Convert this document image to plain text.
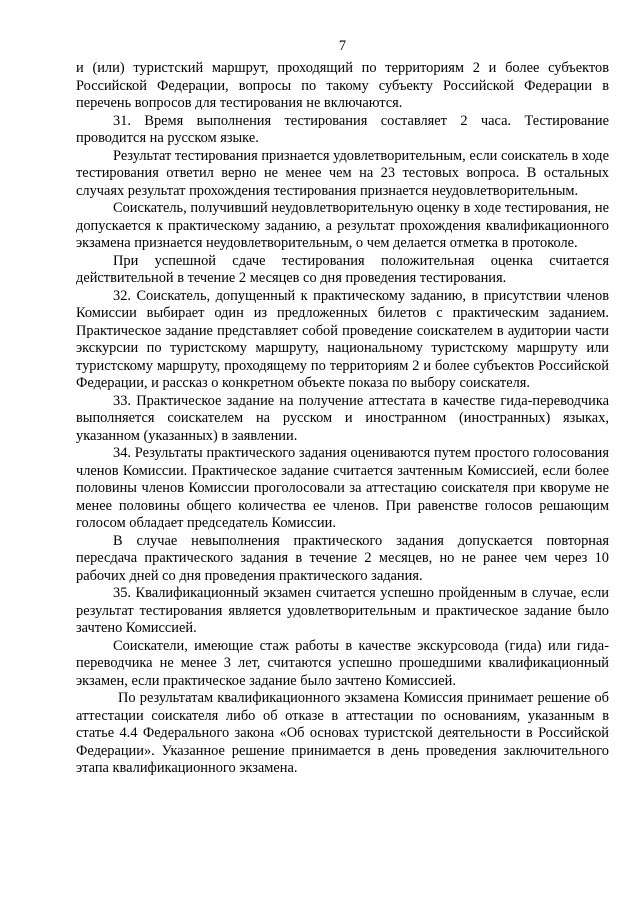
7

и (или) туристский маршрут, проходящий по территориям 2 и более субъектов Российской Федерации, вопросы по такому субъекту Российской Федерации в перечень вопросов для тестирования не включаются.

31. Время выполнения тестирования составляет 2 часа. Тестирование проводится на русском языке.

Результат тестирования признается удовлетворительным, если соискатель в ходе тестирования ответил верно не менее чем на 23 тестовых вопроса. В остальных случаях результат прохождения тестирования признается неудовлетворительным.

Соискатель, получивший неудовлетворительную оценку в ходе тестирования, не допускается к практическому заданию, а результат прохождения квалификационного экзамена признается неудовлетворительным, о чем делается отметка в протоколе.

При успешной сдаче тестирования положительная оценка считается действительной в течение 2 месяцев со дня проведения тестирования.

32. Соискатель, допущенный к практическому заданию, в присутствии членов Комиссии выбирает один из предложенных билетов с практическим заданием. Практическое задание представляет собой проведение соискателем в аудитории части экскурсии по туристскому маршруту, национальному туристскому маршруту или туристскому маршруту, проходящему по территориям 2 и более субъектов Российской Федерации, и рассказ о конкретном объекте показа по выбору соискателя.

33. Практическое задание на получение аттестата в качестве гида-переводчика выполняется соискателем на русском и иностранном (иностранных) языках, указанном (указанных) в заявлении.

34. Результаты практического задания оцениваются путем простого голосования членов Комиссии. Практическое задание считается зачтенным Комиссией, если более половины членов Комиссии проголосовали за аттестацию соискателя при кворуме не менее половины общего количества ее членов. При равенстве голосов решающим голосом обладает председатель Комиссии.

В случае невыполнения практического задания допускается повторная пересдача практического задания в течение 2 месяцев, но не ранее чем через 10 рабочих дней со дня проведения практического задания.

35. Квалификационный экзамен считается успешно пройденным в случае, если результат тестирования является удовлетворительным и практическое задание было зачтено Комиссией.

Соискатели, имеющие стаж работы в качестве экскурсовода (гида) или гида-переводчика не менее 3 лет, считаются успешно прошедшими квалификационный экзамен, если практическое задание было зачтено Комиссией.

По результатам квалификационного экзамена Комиссия принимает решение об аттестации соискателя либо об отказе в аттестации по основаниям, указанным в статье 4.4 Федерального закона «Об основах туристской деятельности в Российской Федерации». Указанное решение принимается в день проведения заключительного этапа квалификационного экзамена.
